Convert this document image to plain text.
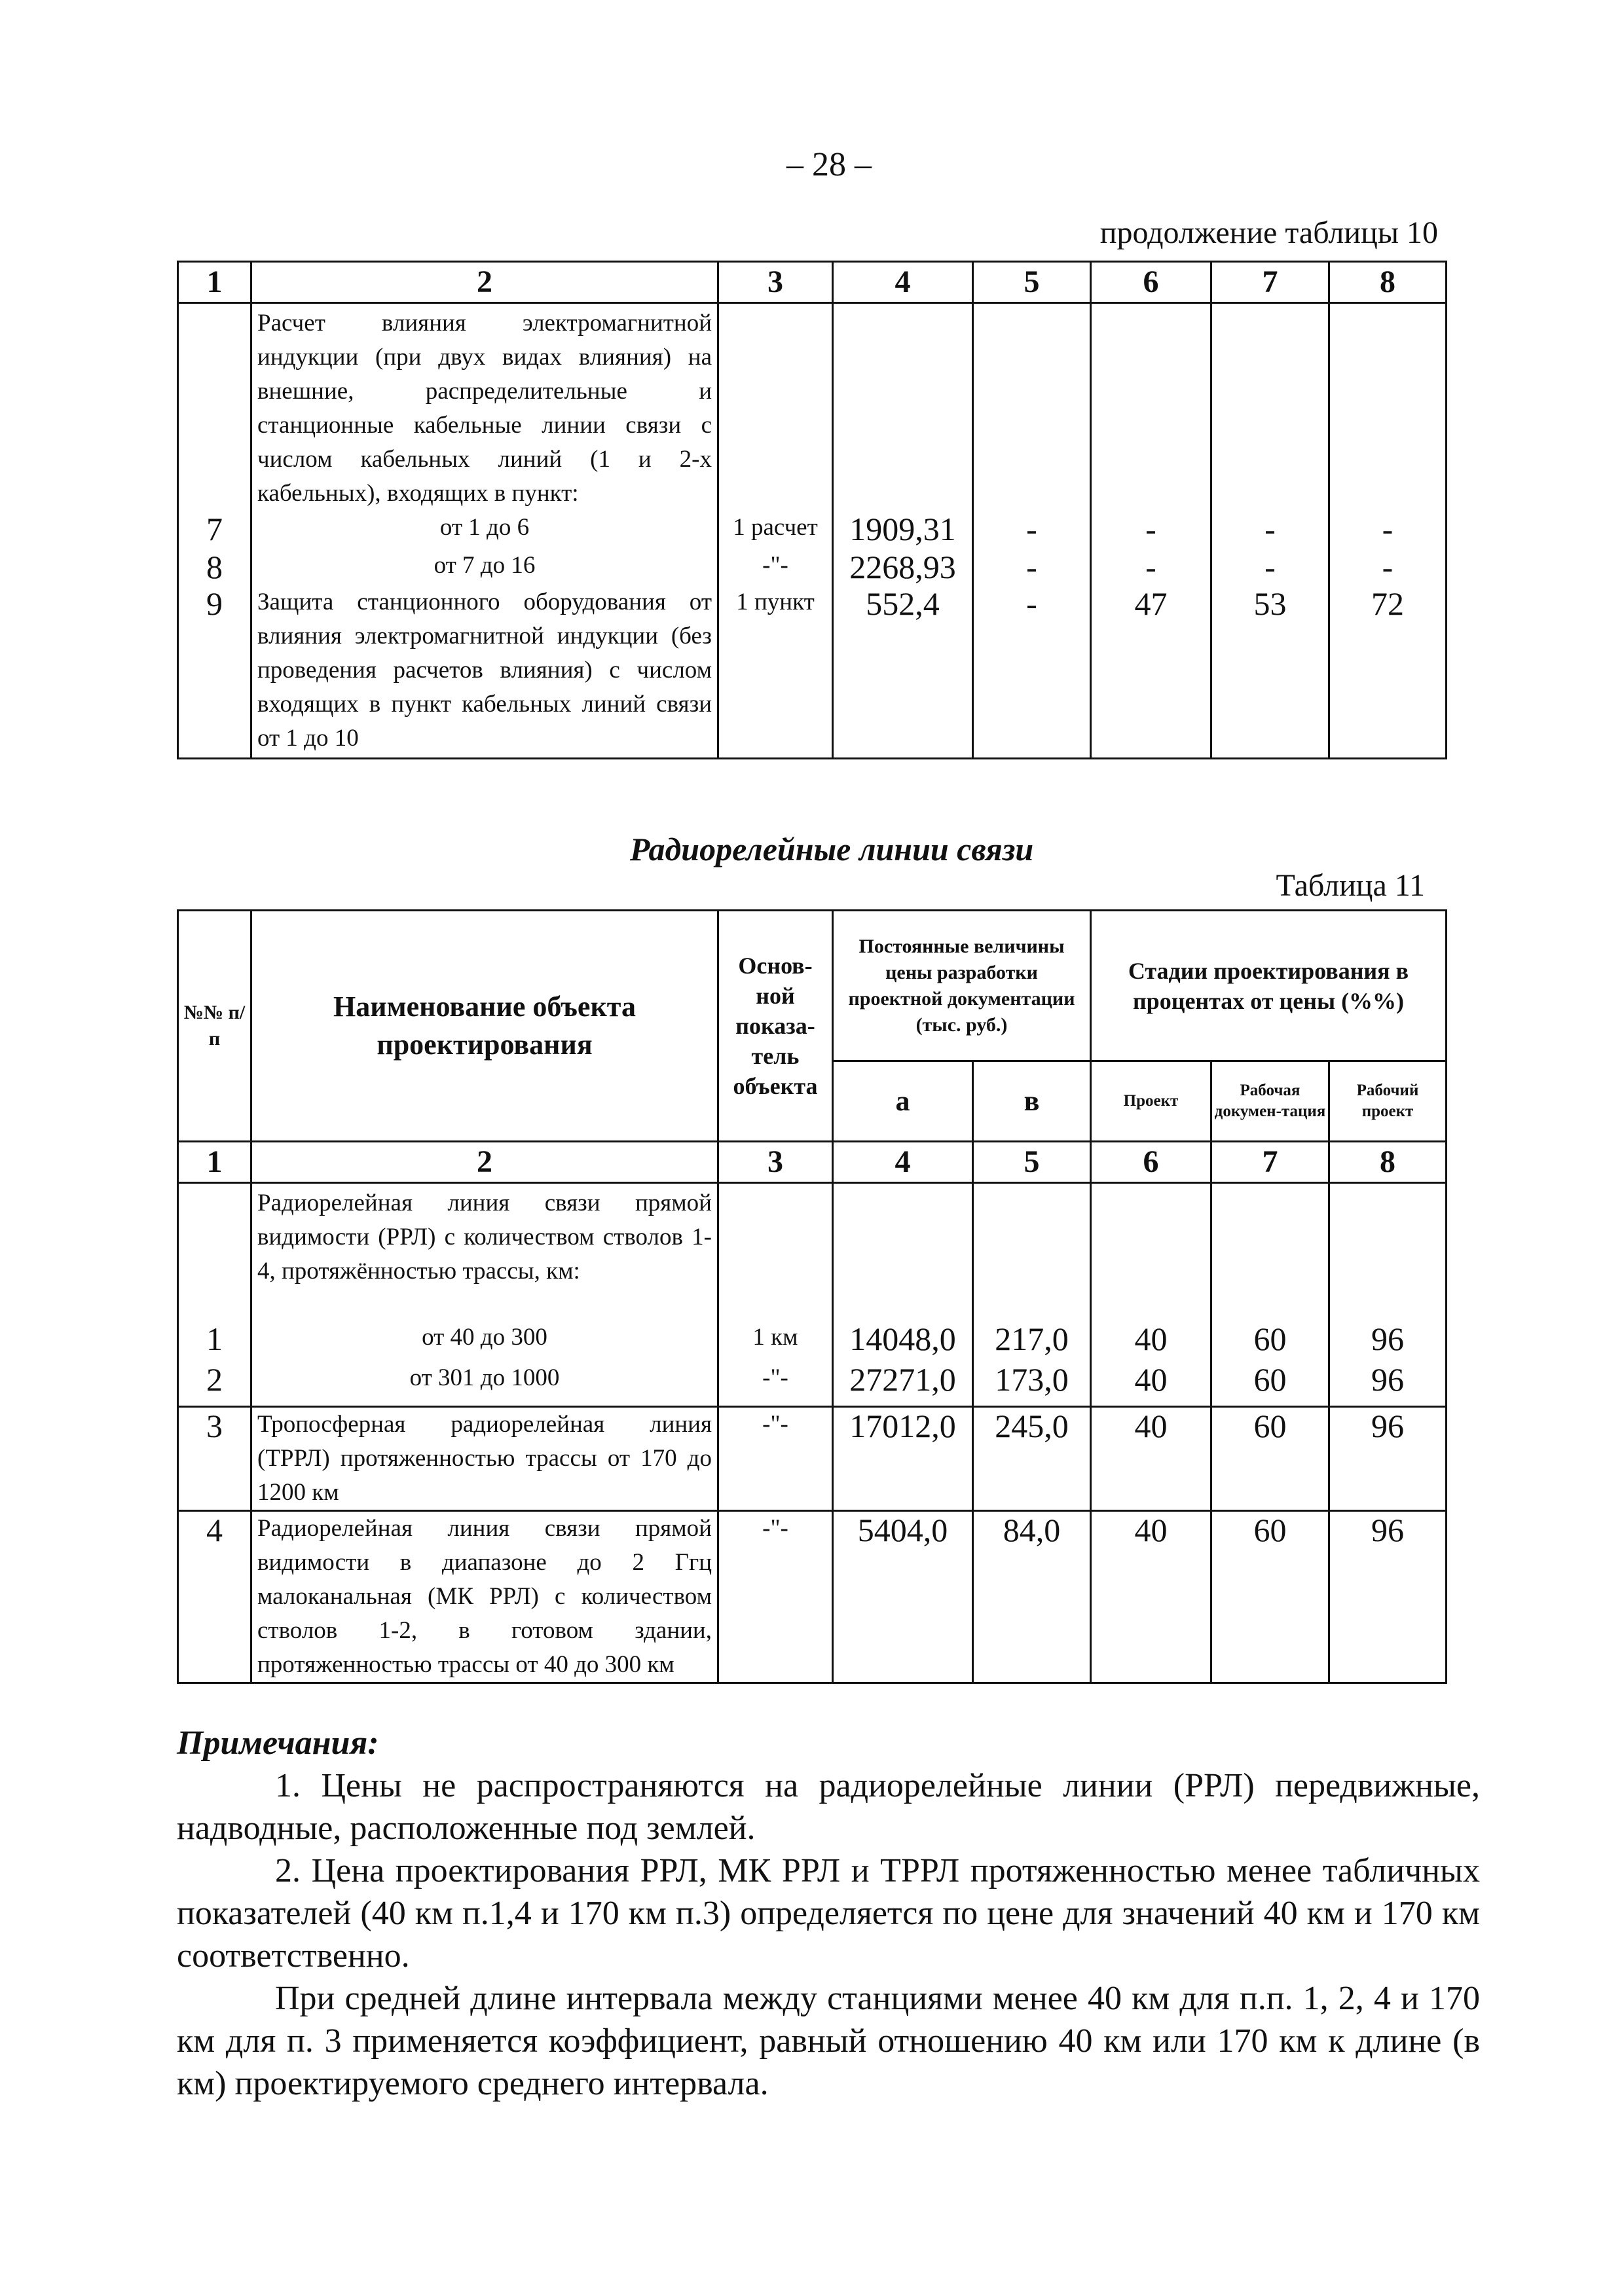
– 28 –
продолжение таблицы 10
1	2	3	4	5	6	7	8
	Расчет влияния электромагнитной индукции (при двух видах влияния) на внешние, распределительные и станционные кабельные линии связи с числом кабельных линий (1 и 2-х кабельных), входящих в пункт:						
7	от 1 до 6	1 расчет	1909,31	-	-	-	-
8	от 7 до 16	-"-	2268,93	-	-	-	-
9	Защита станционного оборудования от влияния электромагнитной индукции (без проведения расчетов влияния) с числом входящих в пункт кабельных линий связи от 1 до 10	1 пункт	552,4	-	47	53	72
Радиорелейные линии связи
Таблица 11
№№ п/п	Наименование объекта проектирования	Основ-ной показа-тель объекта	Постоянные величины цены разработки проектной документации (тыс. руб.)		Стадии проектирования в процентах от цены (%%)		
			а	в	Проект	Рабочая докумен-тация	Рабочий проект
1	2	3	4	5	6	7	8
	Радиорелейная линия связи прямой видимости (РРЛ) с количеством стволов 1-4, протяжённостью трассы, км:						
1	от 40 до 300	1 км	14048,0	217,0	40	60	96
2	от 301 до 1000	-"-	27271,0	173,0	40	60	96
3	Тропосферная радиорелейная линия (ТРРЛ) протяженностью трассы от 170 до 1200 км	-"-	17012,0	245,0	40	60	96
4	Радиорелейная линия связи прямой видимости в диапазоне до 2 Ггц малоканальная (МК РРЛ) с количеством стволов 1-2, в готовом здании, протяженностью трассы от 40 до 300 км	-"-	5404,0	84,0	40	60	96
Примечания:

1. Цены не распространяются на радиорелейные линии (РРЛ) передвижные, надводные, расположенные под землей.

2. Цена проектирования РРЛ, МК РРЛ и ТРРЛ протяженностью менее табличных показателей (40 км п.1,4 и 170 км п.3) определяется по цене для значений 40 км и 170 км соответственно.

При средней длине интервала между станциями менее 40 км для п.п. 1, 2, 4 и 170 км для п. 3 применяется коэффициент, равный отношению 40 км или 170 км к длине (в км) проектируемого среднего интервала.
